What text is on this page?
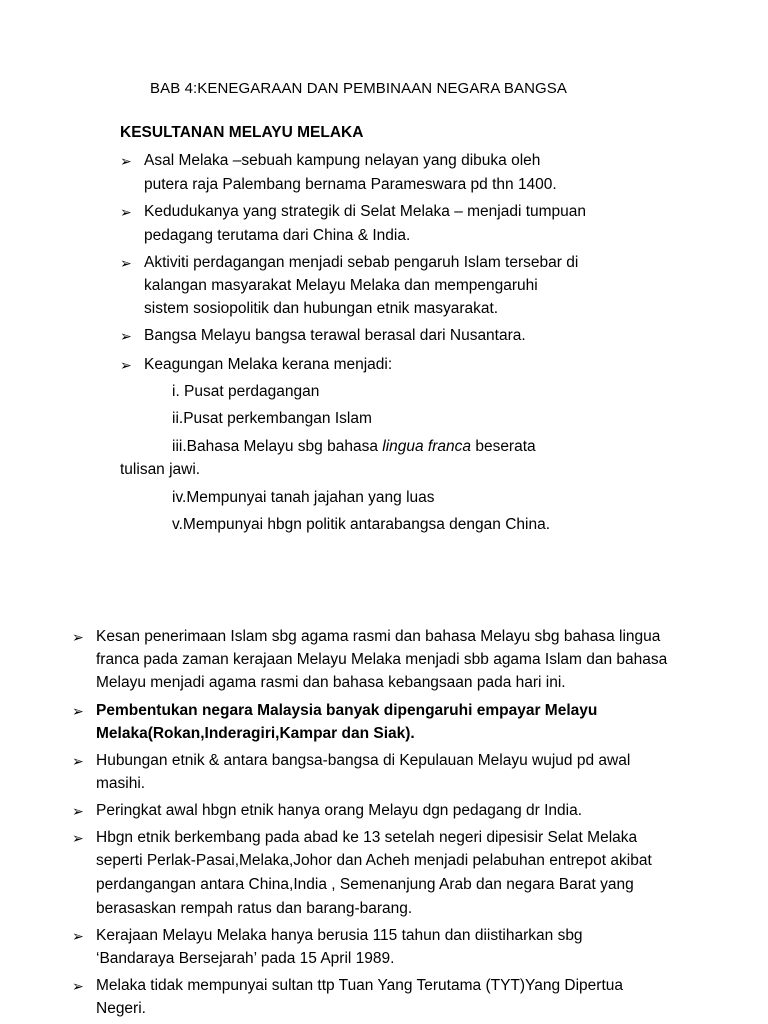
BAB 4:KENEGARAAN DAN PEMBINAAN NEGARA BANGSA
KESULTANAN MELAYU MELAKA
➢ Asal Melaka –sebuah kampung nelayan yang dibuka oleh
putera raja Palembang bernama Parameswara pd thn 1400.
➢ Kedudukanya yang strategik di Selat Melaka – menjadi tumpuan
pedagang terutama dari China & India.
➢ Aktiviti perdagangan menjadi sebab pengaruh Islam tersebar di
kalangan masyarakat Melayu Melaka dan mempengaruhi
sistem sosiopolitik dan hubungan etnik masyarakat.
➢ Bangsa Melayu bangsa terawal berasal dari Nusantara.
➢ Keagungan Melaka kerana menjadi:
i. Pusat perdagangan
ii.Pusat perkembangan Islam
iii.Bahasa Melayu sbg bahasa lingua franca beserata
tulisan jawi.
iv.Mempunyai tanah jajahan yang luas
v.Mempunyai hbgn politik antarabangsa dengan China.
➢ Kesan penerimaan Islam sbg agama rasmi dan bahasa Melayu sbg bahasa lingua
franca pada zaman kerajaan Melayu Melaka menjadi sbb agama Islam dan bahasa
Melayu menjadi agama rasmi dan bahasa kebangsaan pada hari ini.
➢ Pembentukan negara Malaysia banyak dipengaruhi empayar Melayu
Melaka(Rokan,Inderagiri,Kampar dan Siak).
➢ Hubungan etnik & antara bangsa-bangsa di Kepulauan Melayu wujud pd awal
masihi.
➢ Peringkat awal hbgn etnik hanya orang Melayu dgn pedagang dr India.
➢ Hbgn etnik berkembang pada abad ke 13 setelah negeri dipesisir Selat Melaka
seperti Perlak-Pasai,Melaka,Johor dan Acheh menjadi pelabuhan entrepot akibat
perdangangan antara China,India , Semenanjung Arab dan negara Barat yang
berasaskan rempah ratus dan barang-barang.
➢ Kerajaan Melayu Melaka hanya berusia 115 tahun dan diistiharkan sbg
‘Bandaraya Bersejarah’ pada 15 April 1989.
➢ Melaka tidak mempunyai sultan ttp Tuan Yang Terutama (TYT)Yang Dipertua
Negeri.
